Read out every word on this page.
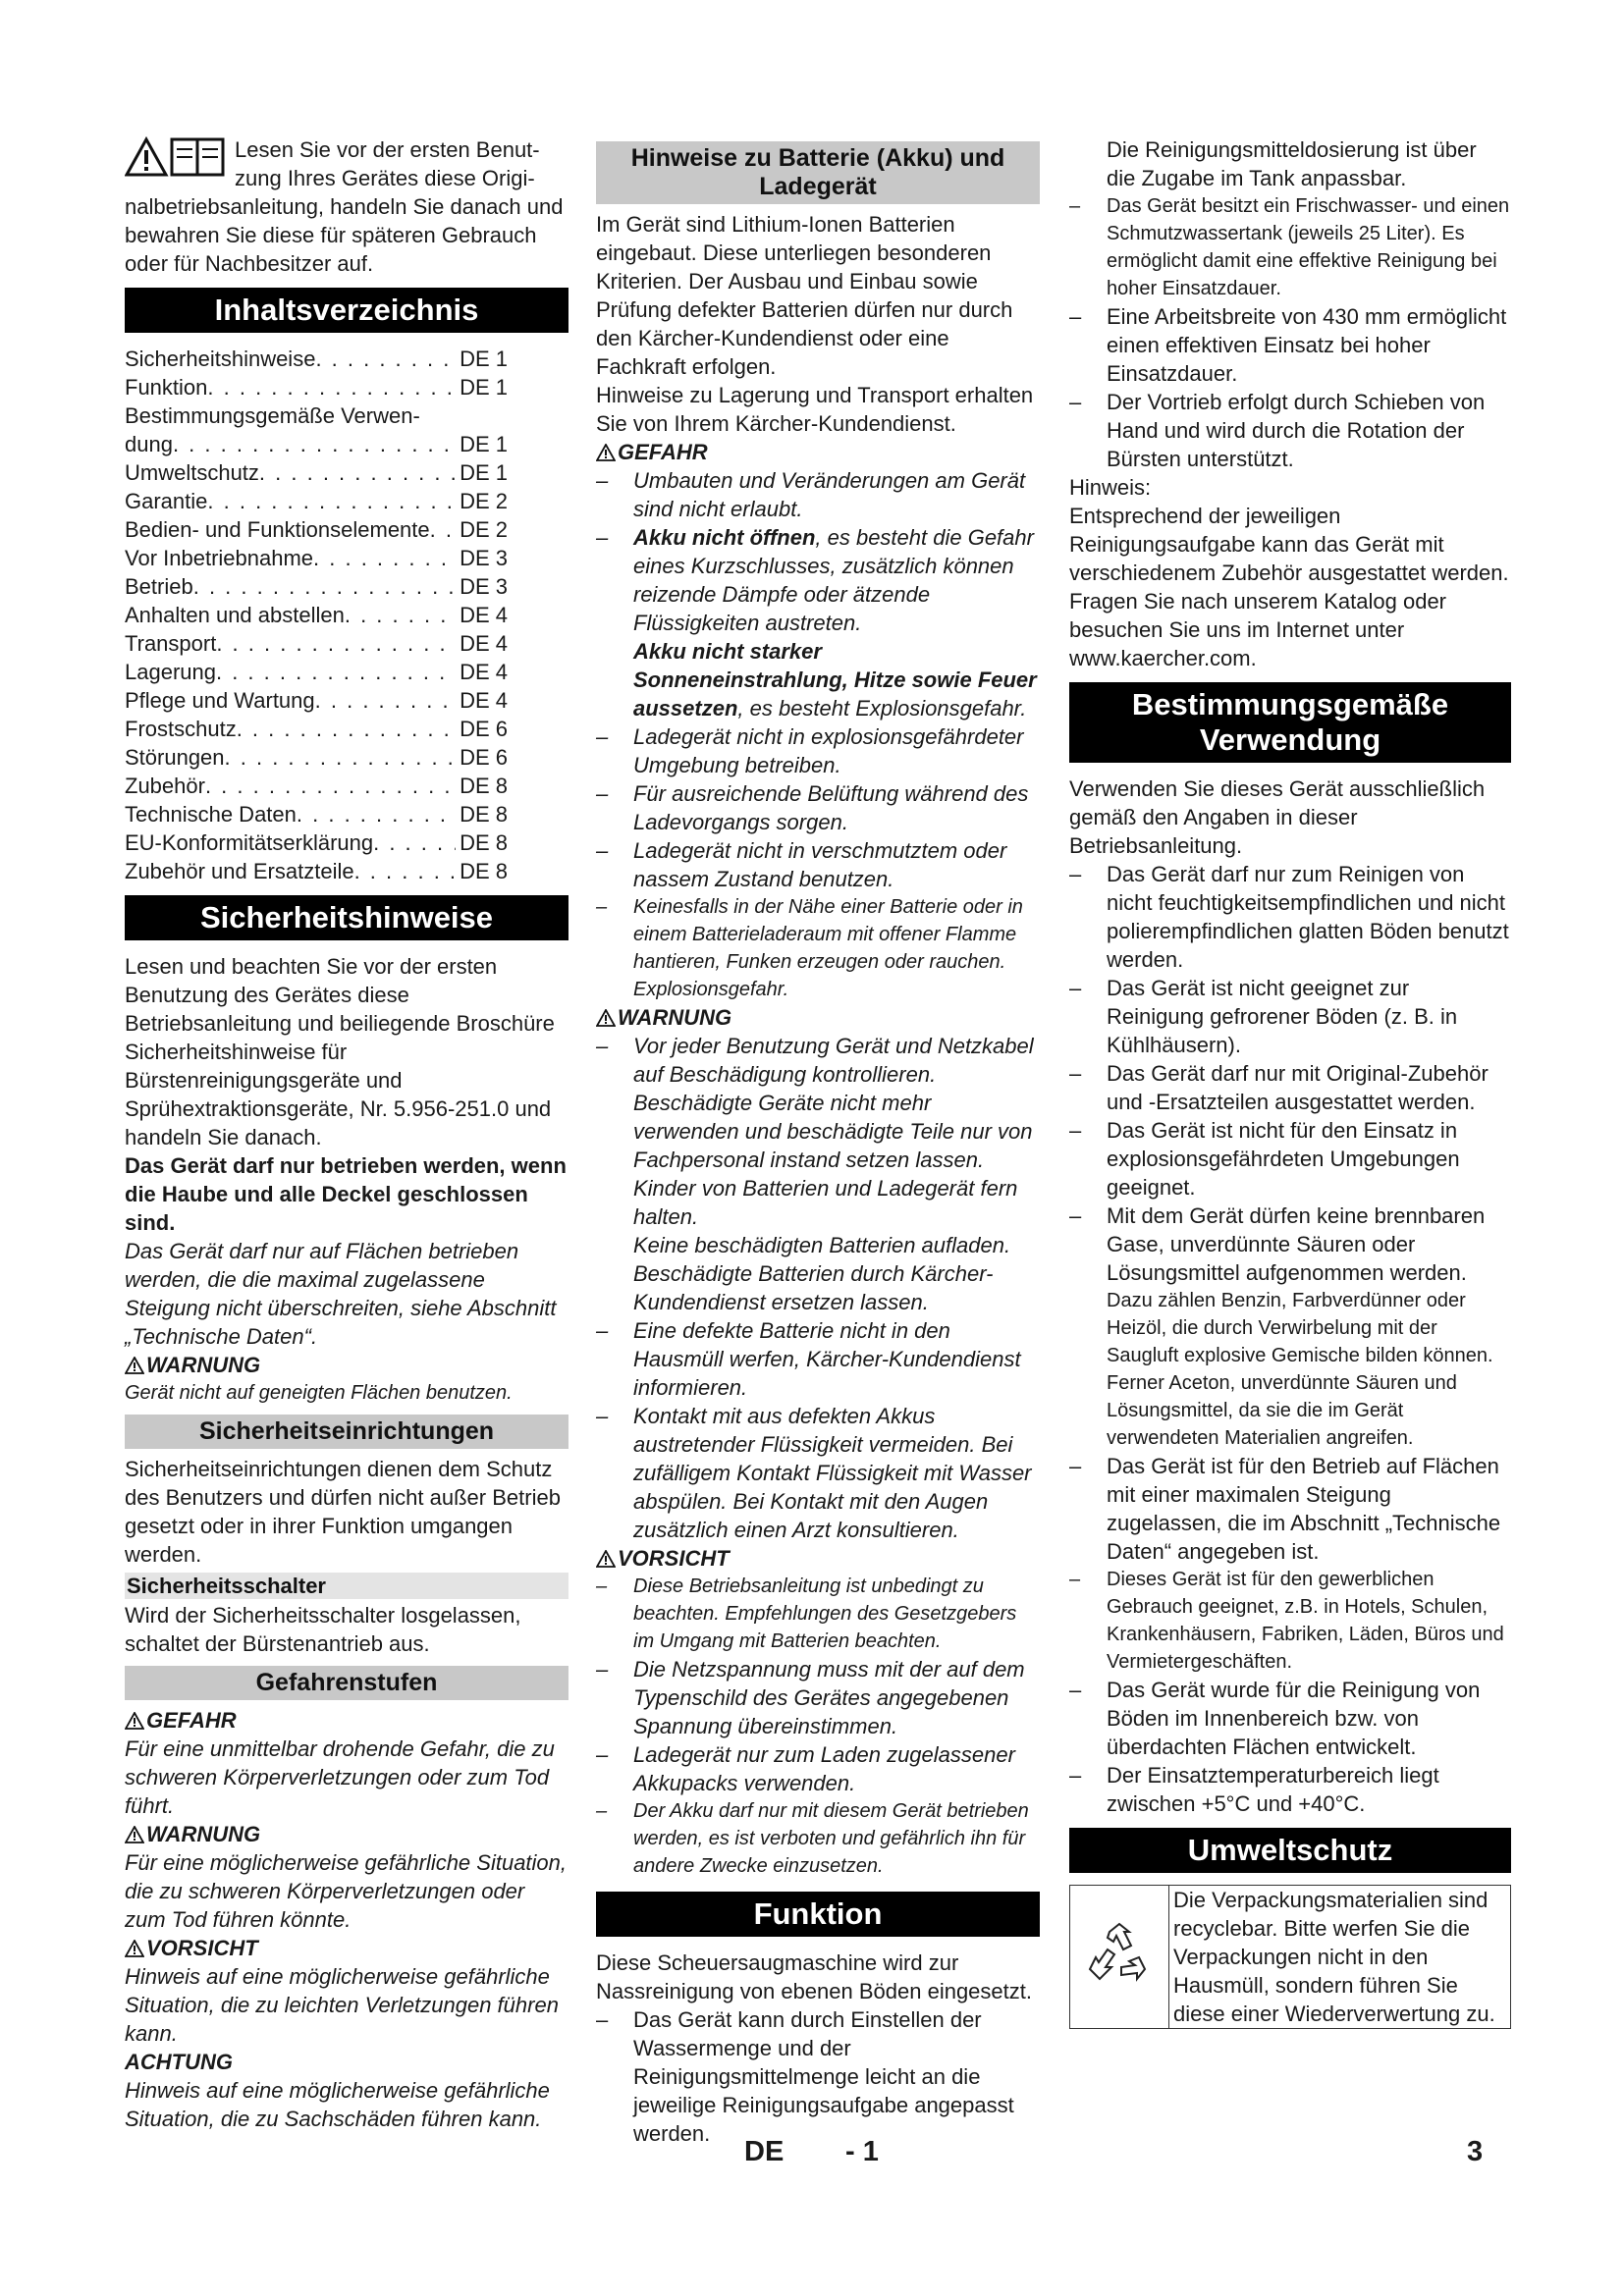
Lesen Sie vor der ersten Benut-

zung Ihres Gerätes diese Origi-

nalbetriebsanleitung, handeln Sie danach und bewahren Sie diese für späteren Gebrauch oder für Nachbesitzer auf.

Inhaltsverzeichnis
Sicherheitshinweise . . .	DE 1
Funktion . . .	DE 1
Bestimmungsgemäße Verwen-
dung . . .	DE 1
Umweltschutz . . .	DE 1
Garantie . . .	DE 2
Bedien- und Funktionselemente . . . DE 2
Vor Inbetriebnahme . . .	DE 3
Betrieb . . .	DE 3
Anhalten und abstellen . . .	DE 4
Transport . . .	DE 4
Lagerung . . .	DE 4
Pflege und Wartung . . .	DE 4
Frostschutz . . .	DE 6
Störungen . . .	DE 6
Zubehör . . .	DE 8
Technische Daten . . .	DE 8
EU-Konformitätserklärung . . .	DE 8
Zubehör und Ersatzteile . . .	DE 8
Sicherheitshinweise

Lesen und beachten Sie vor der ersten Benutzung des Gerätes diese Betriebsanleitung und beiliegende Broschüre Sicherheitshinweise für Bürstenreinigungsgeräte und Sprühextraktionsgeräte, Nr. 5.956-251.0 und handeln Sie danach.

Das Gerät darf nur betrieben werden, wenn die Haube und alle Deckel geschlossen sind.

Das Gerät darf nur auf Flächen betrieben werden, die die maximal zugelassene Steigung nicht überschreiten, siehe Abschnitt „Technische Daten“.

WARNUNG

Gerät nicht auf geneigten Flächen benutzen.

Sicherheitseinrichtungen

Sicherheitseinrichtungen dienen dem Schutz des Benutzers und dürfen nicht außer Betrieb gesetzt oder in ihrer Funktion umgangen werden.

Sicherheitsschalter

Wird der Sicherheitsschalter losgelassen, schaltet der Bürstenantrieb aus.

Gefahrenstufen
GEFAHR

Für eine unmittelbar drohende Gefahr, die zu schweren Körperverletzungen oder zum Tod führt.

WARNUNG

Für eine möglicherweise gefährliche Situation, die zu schweren Körperverletzungen oder zum Tod führen könnte.

VORSICHT

Hinweis auf eine möglicherweise gefährliche Situation, die zu leichten Verletzungen führen kann.

ACHTUNG

Hinweis auf eine möglicherweise gefährliche Situation, die zu Sachschäden führen kann.

Hinweise zu Batterie (Akku) und Ladegerät

Im Gerät sind Lithium-Ionen Batterien eingebaut. Diese unterliegen besonderen Kriterien. Der Ausbau und Einbau sowie Prüfung defekter Batterien dürfen nur durch den Kärcher-Kundendienst oder eine Fachkraft erfolgen.

Hinweise zu Lagerung und Transport erhalten Sie von Ihrem Kärcher-Kundendienst.

GEFAHR
–	Umbauten und Veränderungen am Gerät sind nicht erlaubt.
–	Akku nicht öffnen, es besteht die Gefahr eines Kurzschlusses, zusätzlich können reizende Dämpfe oder ätzende Flüssigkeiten austreten.
Akku nicht starker Sonneneinstrahlung, Hitze sowie Feuer aussetzen, es besteht Explosionsgefahr.
–	Ladegerät nicht in explosionsgefährdeter Umgebung betreiben.
–	Für ausreichende Belüftung während des Ladevorgangs sorgen.
–	Ladegerät nicht in verschmutztem oder nassem Zustand benutzen.
–	Keinesfalls in der Nähe einer Batterie oder in einem Batterieladeraum mit offener Flamme hantieren, Funken erzeugen oder rauchen. Explosionsgefahr.
WARNUNG
–	Vor jeder Benutzung Gerät und Netzkabel auf Beschädigung kontrollieren. Beschädigte Geräte nicht mehr verwenden und beschädigte Teile nur von Fachpersonal instand setzen lassen. Kinder von Batterien und Ladegerät fern halten.
Keine beschädigten Batterien aufladen. Beschädigte Batterien durch Kärcher-Kundendienst ersetzen lassen.
–	Eine defekte Batterie nicht in den Hausmüll werfen, Kärcher-Kundendienst informieren.
–	Kontakt mit aus defekten Akkus austretender Flüssigkeit vermeiden. Bei zufälligem Kontakt Flüssigkeit mit Wasser abspülen. Bei Kontakt mit den Augen zusätzlich einen Arzt konsultieren.
VORSICHT
–	Diese Betriebsanleitung ist unbedingt zu beachten. Empfehlungen des Gesetzgebers im Umgang mit Batterien beachten.
–	Die Netzspannung muss mit der auf dem Typenschild des Gerätes angegebenen Spannung übereinstimmen.
–	Ladegerät nur zum Laden zugelassener Akkupacks verwenden.
–	Der Akku darf nur mit diesem Gerät betrieben werden, es ist verboten und gefährlich ihn für andere Zwecke einzusetzen.
Funktion

Diese Scheuersaugmaschine wird zur Nassreinigung von ebenen Böden eingesetzt.

–	Das Gerät kann durch Einstellen der Wassermenge und der Reinigungsmittelmenge leicht an die jeweilige Reinigungsaufgabe angepasst werden.

Die Reinigungsmitteldosierung ist über die Zugabe im Tank anpassbar.

–	Das Gerät besitzt ein Frischwasser- und einen Schmutzwassertank (jeweils 25 Liter). Es ermöglicht damit eine effektive Reinigung bei hoher Einsatzdauer.
–	Eine Arbeitsbreite von 430 mm ermöglicht einen effektiven Einsatz bei hoher Einsatzdauer.
–	Der Vortrieb erfolgt durch Schieben von Hand und wird durch die Rotation der Bürsten unterstützt.

Hinweis:

Entsprechend der jeweiligen Reinigungsaufgabe kann das Gerät mit verschiedenem Zubehör ausgestattet werden.

Fragen Sie nach unserem Katalog oder besuchen Sie uns im Internet unter www.kaercher.com.

Bestimmungsgemäße Verwendung

Verwenden Sie dieses Gerät ausschließlich gemäß den Angaben in dieser Betriebsanleitung.

–	Das Gerät darf nur zum Reinigen von nicht feuchtigkeitsempfindlichen und nicht polierempfindlichen glatten Böden benutzt werden.
–	Das Gerät ist nicht geeignet zur Reinigung gefrorener Böden (z. B. in Kühlhäusern).
–	Das Gerät darf nur mit Original-Zubehör und -Ersatzteilen ausgestattet werden.
–	Das Gerät ist nicht für den Einsatz in explosionsgefährdeten Umgebungen geeignet.
–	Mit dem Gerät dürfen keine brennbaren Gase, unverdünnte Säuren oder Lösungsmittel aufgenommen werden.
Dazu zählen Benzin, Farbverdünner oder Heizöl, die durch Verwirbelung mit der Saugluft explosive Gemische bilden können. Ferner Aceton, unverdünnte Säuren und Lösungsmittel, da sie die im Gerät verwendeten Materialien angreifen.
–	Das Gerät ist für den Betrieb auf Flächen mit einer maximalen Steigung zugelassen, die im Abschnitt „Technische Daten“ angegeben ist.
–	Dieses Gerät ist für den gewerblichen Gebrauch geeignet, z.B. in Hotels, Schulen, Krankenhäusern, Fabriken, Läden, Büros und Vermietergeschäften.
–	Das Gerät wurde für die Reinigung von Böden im Innenbereich bzw. von überdachten Flächen entwickelt.
–	Der Einsatztemperaturbereich liegt zwischen +5°C und +40°C.
Umweltschutz
Die Verpackungsmaterialien sind recyclebar. Bitte werfen Sie die Verpackungen nicht in den Hausmüll, sondern führen Sie diese einer Wiederverwertung zu.
DE - 1	3
